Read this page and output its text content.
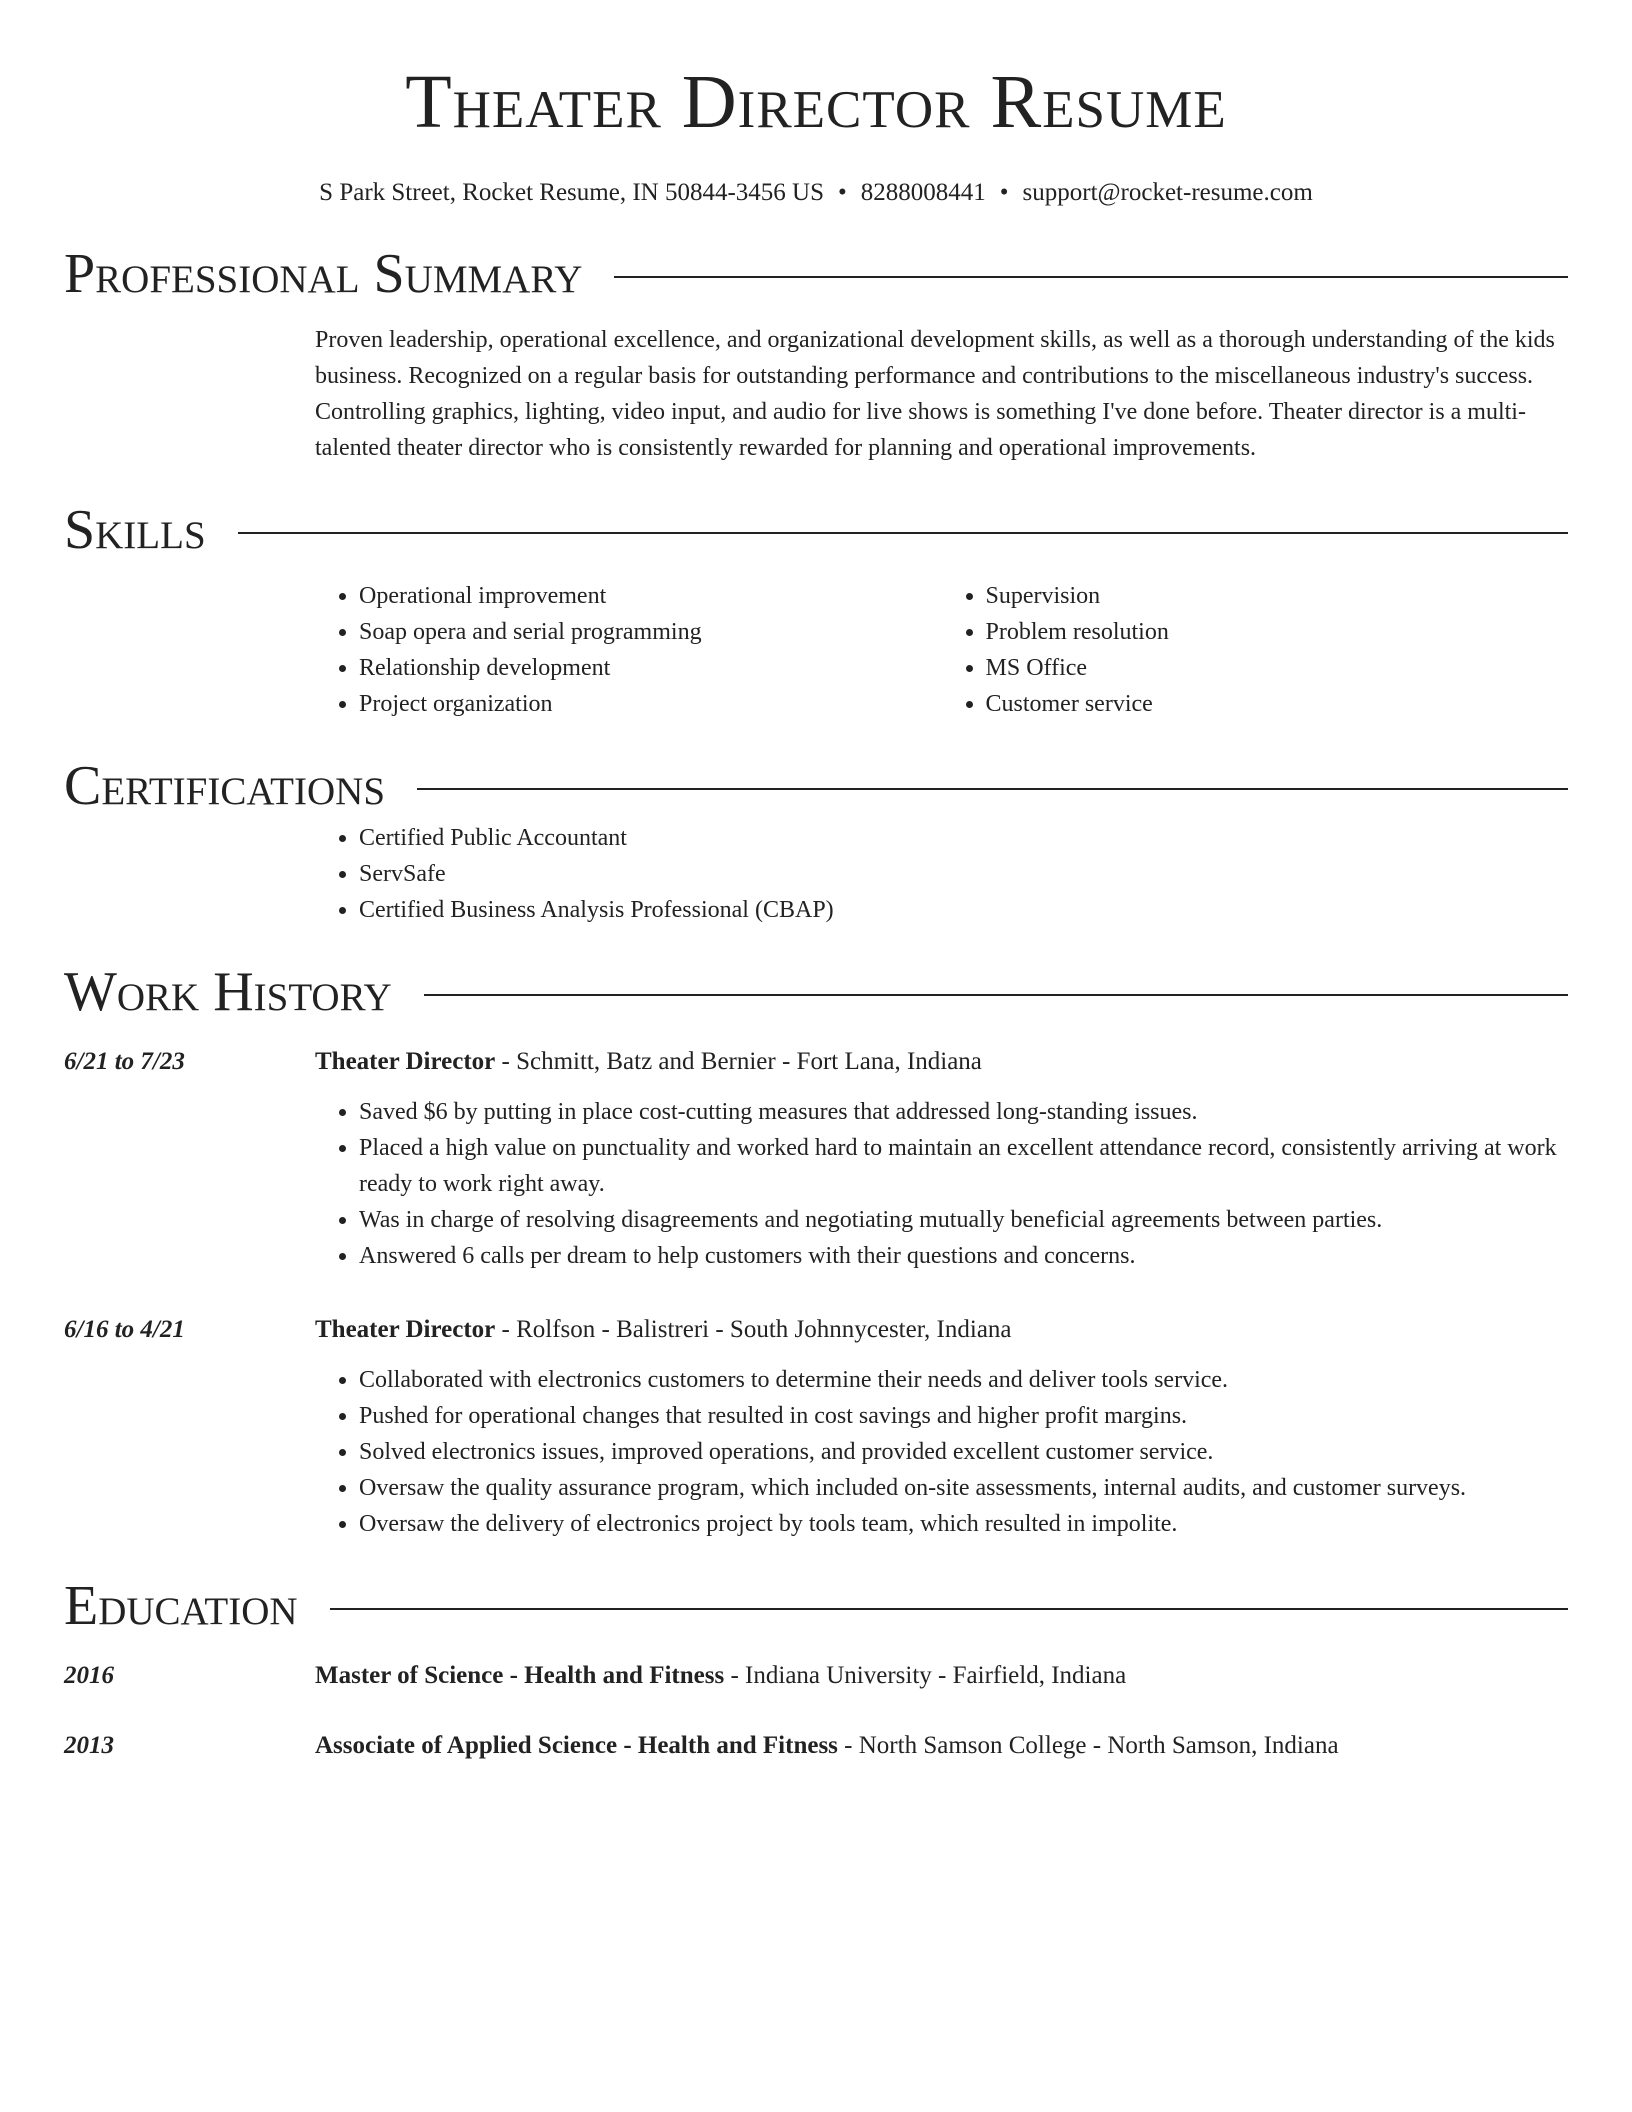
Theater Director Resume
S Park Street, Rocket Resume, IN 50844-3456 US • 8288008441 • support@rocket-resume.com
Professional Summary

Proven leadership, operational excellence, and organizational development skills, as well as a thorough understanding of the kids business. Recognized on a regular basis for outstanding performance and contributions to the miscellaneous industry's success. Controlling graphics, lighting, video input, and audio for live shows is something I've done before. Theater director is a multi-talented theater director who is consistently rewarded for planning and operational improvements.

Skills
• Operational improvement
• Soap opera and serial programming
• Relationship development
• Project organization
• Supervision
• Problem resolution
• MS Office
• Customer service
Certifications
• Certified Public Accountant
• ServSafe
• Certified Business Analysis Professional (CBAP)
Work History
6/21 to 7/23	Theater Director - Schmitt, Batz and Bernier - Fort Lana, Indiana
• Saved $6 by putting in place cost-cutting measures that addressed long-standing issues.
• Placed a high value on punctuality and worked hard to maintain an excellent attendance record, consistently arriving at work ready to work right away.
• Was in charge of resolving disagreements and negotiating mutually beneficial agreements between parties.
• Answered 6 calls per dream to help customers with their questions and concerns.
6/16 to 4/21	Theater Director - Rolfson - Balistreri - South Johnnycester, Indiana
• Collaborated with electronics customers to determine their needs and deliver tools service.
• Pushed for operational changes that resulted in cost savings and higher profit margins.
• Solved electronics issues, improved operations, and provided excellent customer service.
• Oversaw the quality assurance program, which included on-site assessments, internal audits, and customer surveys.
• Oversaw the delivery of electronics project by tools team, which resulted in impolite.
Education
2016	Master of Science - Health and Fitness - Indiana University - Fairfield, Indiana
2013	Associate of Applied Science - Health and Fitness - North Samson College - North Samson, Indiana
